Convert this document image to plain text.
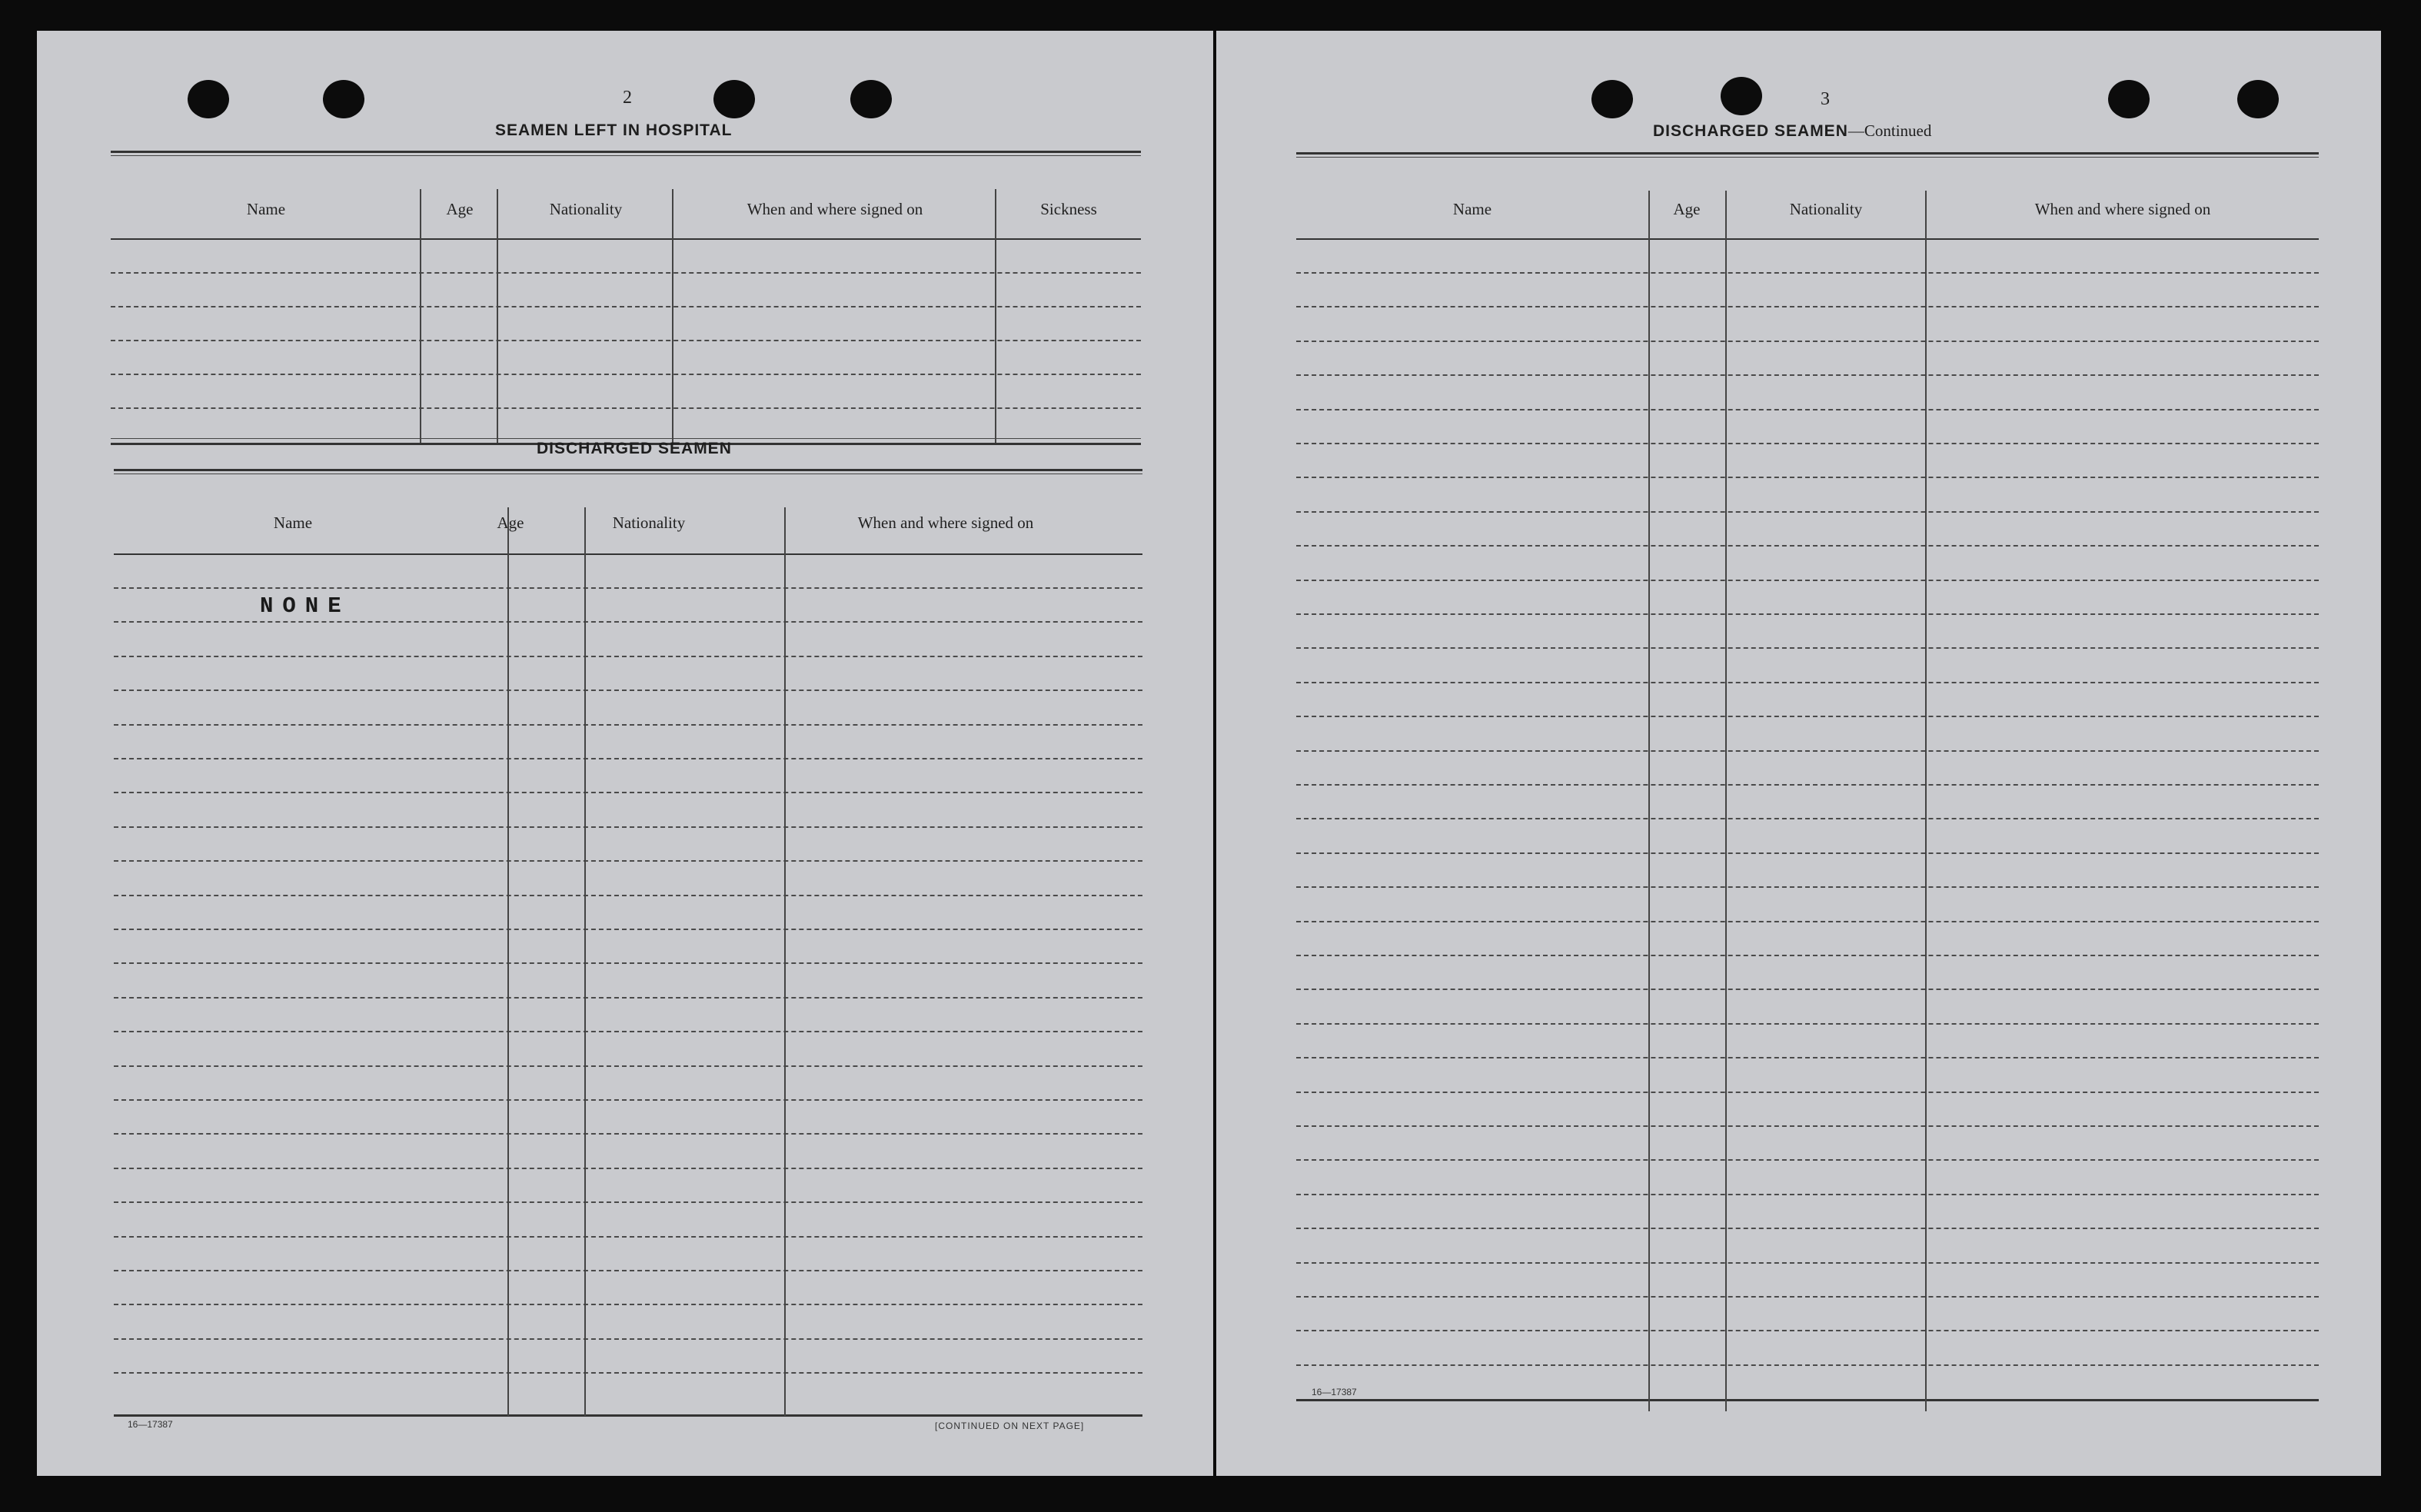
2
SEAMEN LEFT IN HOSPITAL
Name	Age	Nationality	When and where signed on	Sickness
DISCHARGED SEAMEN
Name	Age	Nationality	When and where signed on
NONE
16—17387	[CONTINUED ON NEXT PAGE]
3
DISCHARGED SEAMEN—Continued
Name	Age	Nationality	When and where signed on
16—17387
